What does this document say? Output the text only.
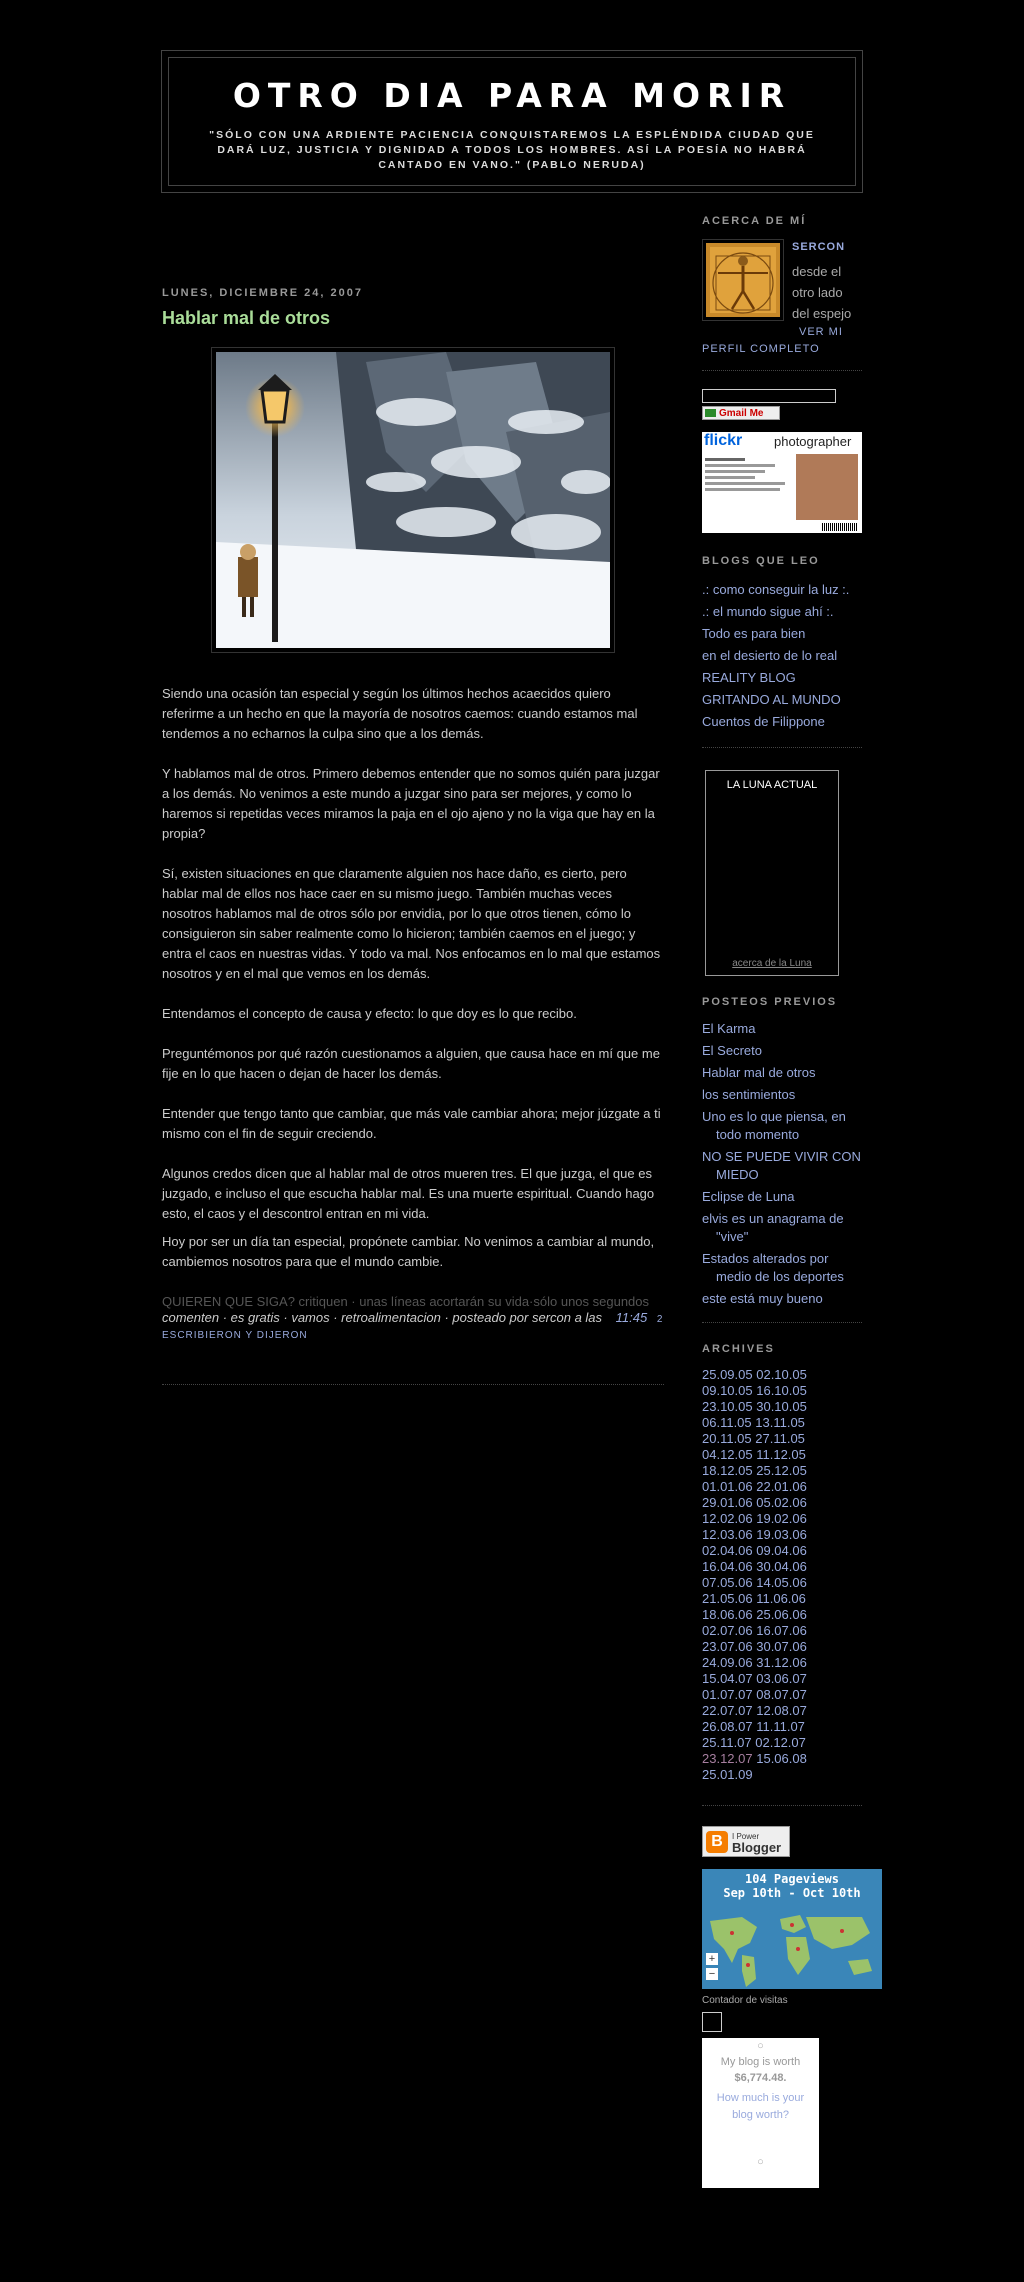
OTRO DIA PARA MORIR

"SÓLO CON UNA ARDIENTE PACIENCIA CONQUISTAREMOS LA ESPLÉNDIDA CIUDAD QUE DARÁ LUZ, JUSTICIA Y DIGNIDAD A TODOS LOS HOMBRES. ASÍ LA POESÍA NO HABRÁ CANTADO EN VANO." (PABLO NERUDA)

LUNES, DICIEMBRE 24, 2007
Hablar mal de otros

Siendo una ocasión tan especial y según los últimos hechos acaecidos quiero referirme a un hecho en que la mayoría de nosotros caemos: cuando estamos mal tendemos a no echarnos la culpa sino que a los demás.

Y hablamos mal de otros. Primero debemos entender que no somos quién para juzgar a los demás. No venimos a este mundo a juzgar sino para ser mejores, y como lo haremos si repetidas veces miramos la paja en el ojo ajeno y no la viga que hay en la propia?

Sí, existen situaciones en que claramente alguien nos hace daño, es cierto, pero hablar mal de ellos nos hace caer en su mismo juego. También muchas veces nosotros hablamos mal de otros sólo por envidia, por lo que otros tienen, cómo lo consiguieron sin saber realmente como lo hicieron; también caemos en el juego; y entra el caos en nuestras vidas. Y todo va mal. Nos enfocamos en lo mal que estamos nosotros y en el mal que vemos en los demás.

Entendamos el concepto de causa y efecto: lo que doy es lo que recibo.

Preguntémonos por qué razón cuestionamos a alguien, que causa hace en mí que me fije en lo que hacen o dejan de hacer los demás.

Entender que tengo tanto que cambiar, que más vale cambiar ahora; mejor júzgate a ti mismo con el fin de seguir creciendo.

Algunos credos dicen que al hablar mal de otros mueren tres. El que juzga, el que es juzgado, e incluso el que escucha hablar mal. Es una muerte espiritual. Cuando hago esto, el caos y el descontrol entran en mi vida.

Hoy por ser un día tan especial, propónete cambiar. No venimos a cambiar al mundo, cambiemos nosotros para que el mundo cambie.

QUIEREN QUE SIGA? critiquen · unas líneas acortarán su vida·sólo unos segundos
comenten · es gratis · vamos · retroalimentacion · posteado por sercon a las 11:45 2
ESCRIBIERON Y DIJERON
ACERCA DE MÍ
SERCON
desde el otro lado del espejo
VER MI PERFIL COMPLETO
Gmail Me
flickr photographer
BLOGS QUE LEO
.: como conseguir la luz :.
.: el mundo sigue ahí :.
Todo es para bien
en el desierto de lo real
REALITY BLOG
GRITANDO AL MUNDO
Cuentos de Filippone
LA LUNA ACTUAL
acerca de la Luna
POSTEOS PREVIOS
El Karma
El Secreto
Hablar mal de otros
los sentimientos
Uno es lo que piensa, en todo momento
NO SE PUEDE VIVIR CON MIEDO
Eclipse de Luna
elvis es un anagrama de "vive"
Estados alterados por medio de los deportes
este está muy bueno
ARCHIVES
25.09.05 02.10.05
09.10.05 16.10.05
23.10.05 30.10.05
06.11.05 13.11.05
20.11.05 27.11.05
04.12.05 11.12.05
18.12.05 25.12.05
01.01.06 22.01.06
29.01.06 05.02.06
12.02.06 19.02.06
12.03.06 19.03.06
02.04.06 09.04.06
16.04.06 30.04.06
07.05.06 14.05.06
21.05.06 11.06.06
18.06.06 25.06.06
02.07.06 16.07.06
23.07.06 30.07.06
24.09.06 31.12.06
15.04.07 03.06.07
01.07.07 08.07.07
22.07.07 12.08.07
26.08.07 11.11.07
25.11.07 02.12.07
23.12.07 15.06.08
25.01.09
B	I Power
Blogger
104 Pageviews
Sep 10th - Oct 10th
+
−
Contador de visitas
○
My blog is worth
$6,774.48.
How much is your blog worth?
○
